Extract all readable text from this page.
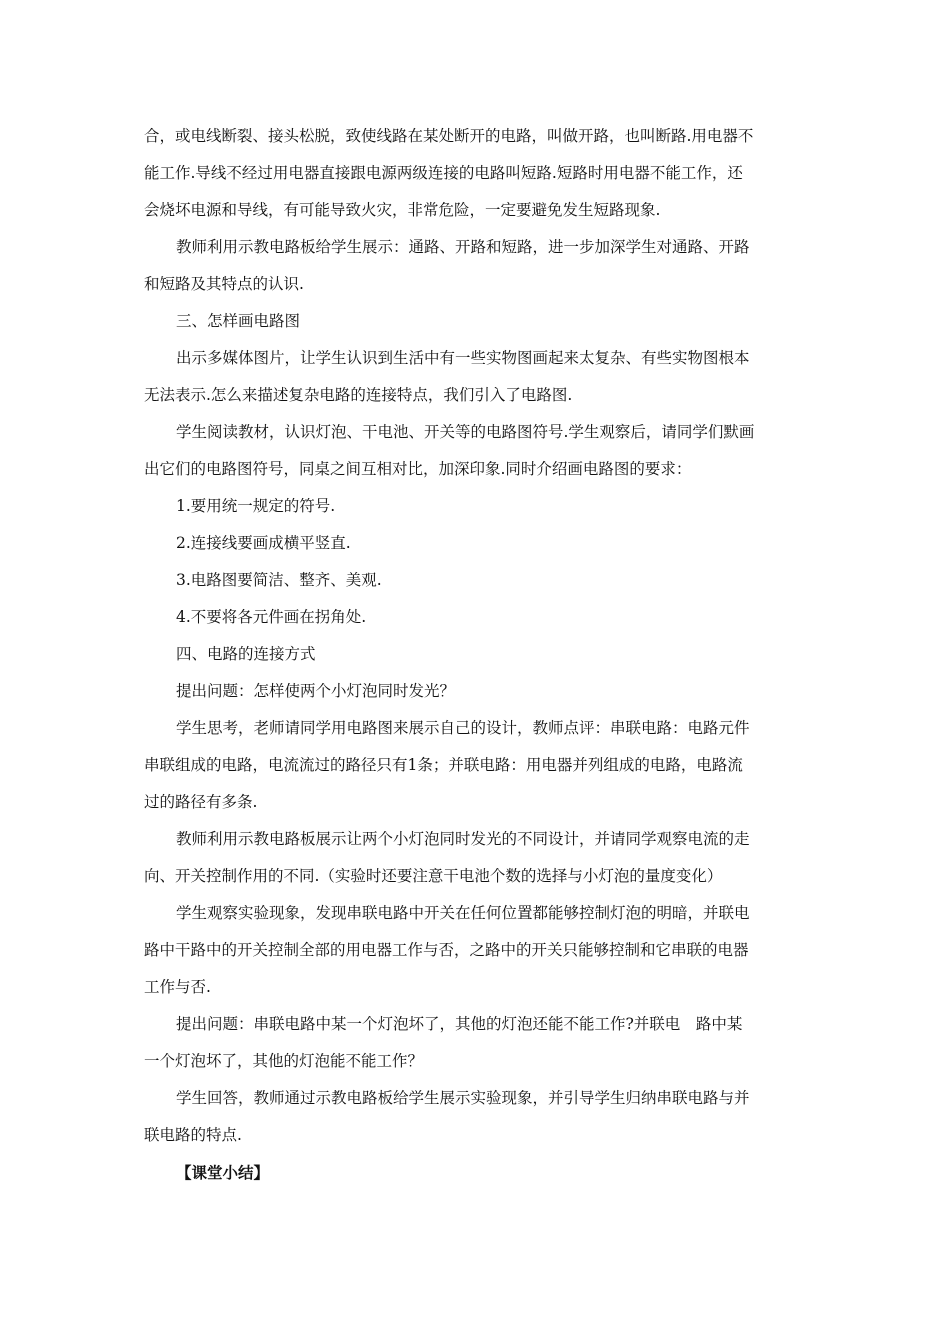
合，或电线断裂、接头松脱，致使线路在某处断开的电路，叫做开路，也叫断路.用电器不
能工作.导线不经过用电器直接跟电源两级连接的电路叫短路.短路时用电器不能工作，还
会烧坏电源和导线，有可能导致火灾，非常危险，一定要避免发生短路现象.
教师利用示教电路板给学生展示：通路、开路和短路，进一步加深学生对通路、开路
和短路及其特点的认识.
三、怎样画电路图
出示多媒体图片，让学生认识到生活中有一些实物图画起来太复杂、有些实物图根本
无法表示.怎么来描述复杂电路的连接特点，我们引入了电路图.
学生阅读教材，认识灯泡、干电池、开关等的电路图符号.学生观察后，请同学们默画
出它们的电路图符号，同桌之间互相对比，加深印象.同时介绍画电路图的要求：
1.要用统一规定的符号.
2.连接线要画成横平竖直.
3.电路图要简洁、整齐、美观.
4.不要将各元件画在拐角处.
四、电路的连接方式
提出问题：怎样使两个小灯泡同时发光？
学生思考，老师请同学用电路图来展示自己的设计，教师点评：串联电路：电路元件
串联组成的电路，电流流过的路径只有1条；并联电路：用电器并列组成的电路，电路流
过的路径有多条.
教师利用示教电路板展示让两个小灯泡同时发光的不同设计，并请同学观察电流的走
向、开关控制作用的不同.（实验时还要注意干电池个数的选择与小灯泡的量度变化）
学生观察实验现象，发现串联电路中开关在任何位置都能够控制灯泡的明暗，并联电
路中干路中的开关控制全部的用电器工作与否，之路中的开关只能够控制和它串联的电器
工作与否.
提出问题：串联电路中某一个灯泡坏了，其他的灯泡还能不能工作?并联电　路中某
一个灯泡坏了，其他的灯泡能不能工作？
学生回答，教师通过示教电路板给学生展示实验现象，并引导学生归纳串联电路与并
联电路的特点.
【课堂小结】
